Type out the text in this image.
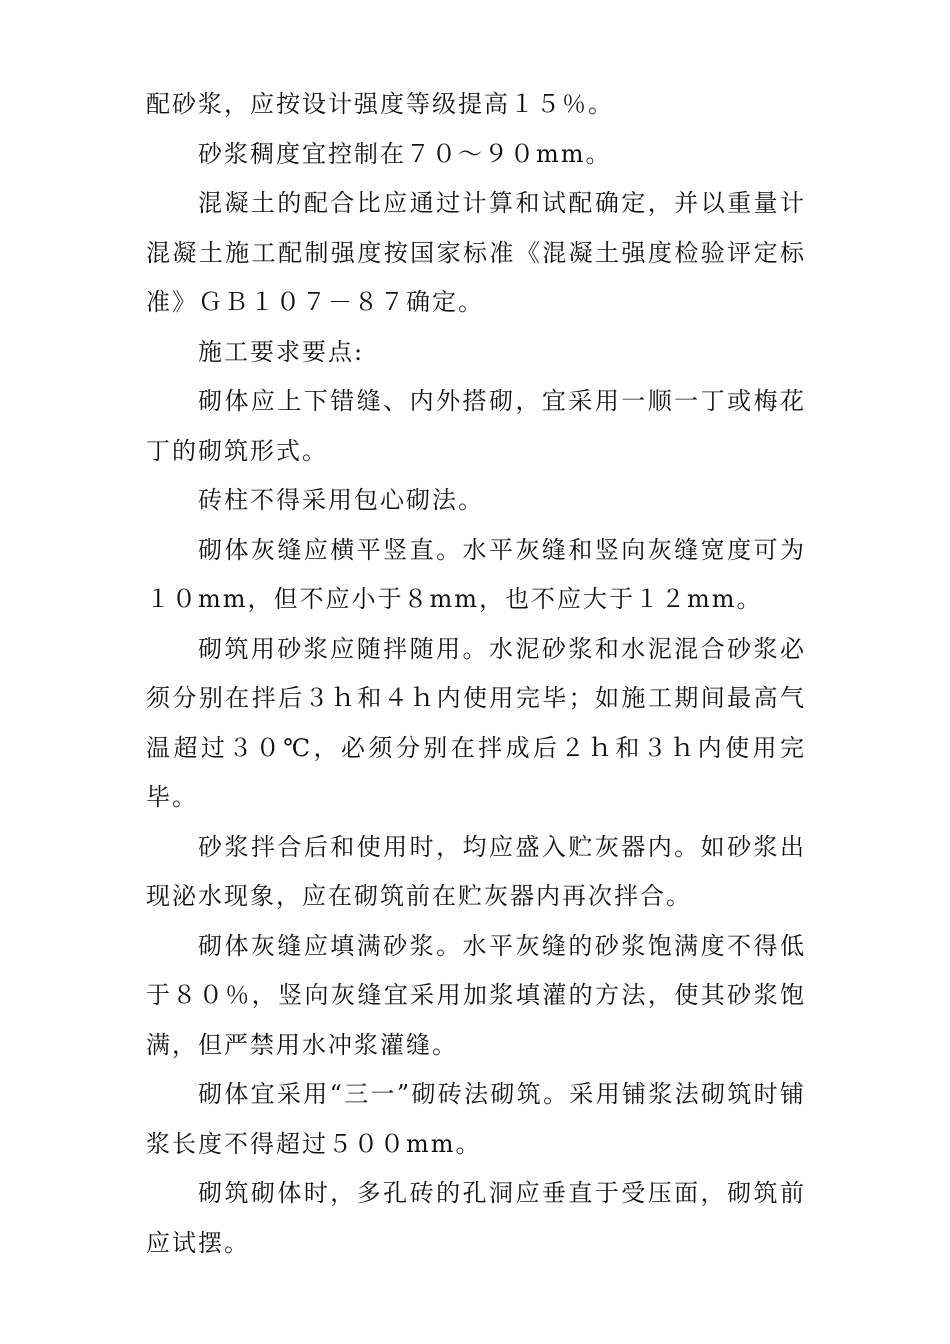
配砂浆，应按设计强度等级提高１５％。

砂浆稠度宜控制在７０～９０mm。

混凝土的配合比应通过计算和试配确定，并以重量计混凝土施工配制强度按国家标准《混凝土强度检验评定标准》ＧＢ１０７－８７确定。

施工要求要点:

砌体应上下错缝、内外搭砌，宜采用一顺一丁或梅花丁的砌筑形式。

砖柱不得采用包心砌法。

砌体灰缝应横平竖直。水平灰缝和竖向灰缝宽度可为１０mm，但不应小于８mm，也不应大于１２mm。

砌筑用砂浆应随拌随用。水泥砂浆和水泥混合砂浆必须分别在拌后３ｈ和４ｈ内使用完毕；如施工期间最高气温超过３０℃，必须分别在拌成后２ｈ和３ｈ内使用完毕。

砂浆拌合后和使用时，均应盛入贮灰器内。如砂浆出现泌水现象，应在砌筑前在贮灰器内再次拌合。

砌体灰缝应填满砂浆。水平灰缝的砂浆饱满度不得低于８０％，竖向灰缝宜采用加浆填灌的方法，使其砂浆饱满，但严禁用水冲浆灌缝。

砌体宜采用“三一”砌砖法砌筑。采用铺浆法砌筑时铺浆长度不得超过５００mm。

砌筑砌体时，多孔砖的孔洞应垂直于受压面，砌筑前应试摆。
